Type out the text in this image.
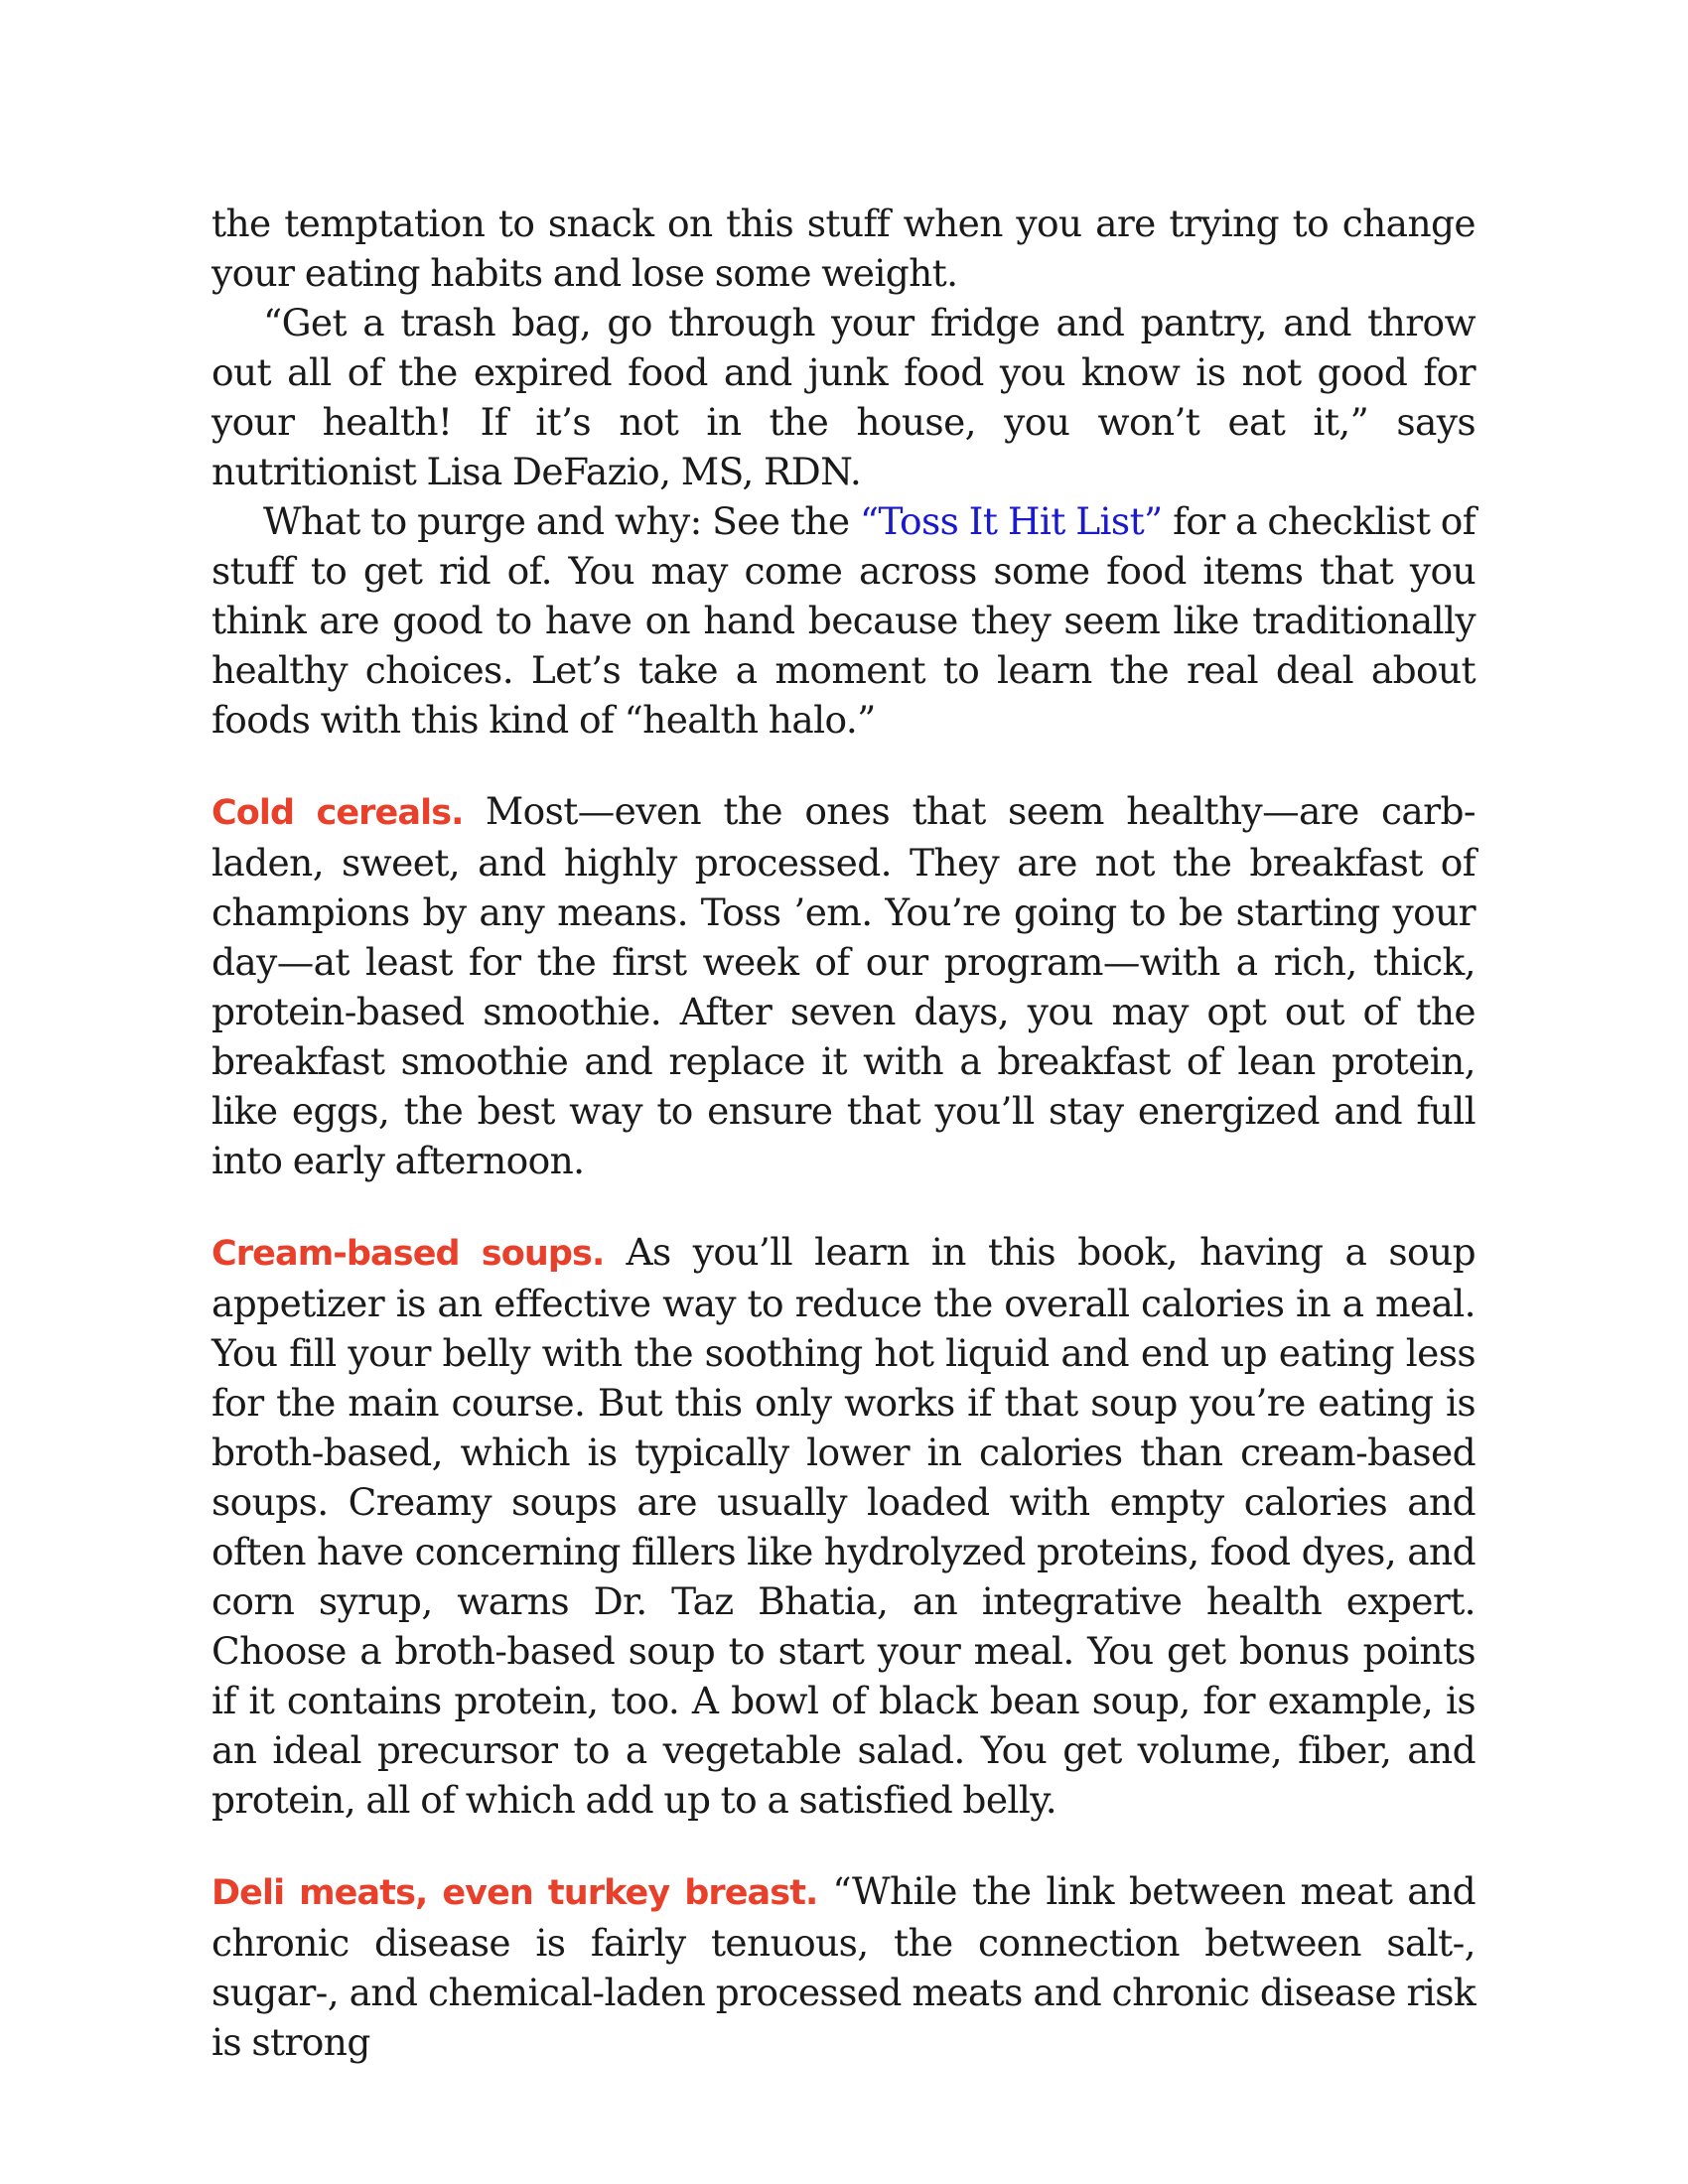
the temptation to snack on this stuff when you are trying to change your eating habits and lose some weight.

“Get a trash bag, go through your fridge and pantry, and throw out all of the expired food and junk food you know is not good for your health! If it’s not in the house, you won’t eat it,” says nutritionist Lisa DeFazio, MS, RDN.

What to purge and why: See the “Toss It Hit List” for a checklist of stuff to get rid of. You may come across some food items that you think are good to have on hand because they seem like traditionally healthy choices. Let’s take a moment to learn the real deal about foods with this kind of “health halo.”

Cold cereals. Most—even the ones that seem healthy—are carb-laden, sweet, and highly processed. They are not the breakfast of champions by any means. Toss ’em. You’re going to be starting your day—at least for the first week of our program—with a rich, thick, protein-based smoothie. After seven days, you may opt out of the breakfast smoothie and replace it with a breakfast of lean protein, like eggs, the best way to ensure that you’ll stay energized and full into early afternoon.

Cream-based soups. As you’ll learn in this book, having a soup appetizer is an effective way to reduce the overall calories in a meal. You fill your belly with the soothing hot liquid and end up eating less for the main course. But this only works if that soup you’re eating is broth-based, which is typically lower in calories than cream-based soups. Creamy soups are usually loaded with empty calories and often have concerning fillers like hydrolyzed proteins, food dyes, and corn syrup, warns Dr. Taz Bhatia, an integrative health expert. Choose a broth-based soup to start your meal. You get bonus points if it contains protein, too. A bowl of black bean soup, for example, is an ideal precursor to a vegetable salad. You get volume, fiber, and protein, all of which add up to a satisfied belly.

Deli meats, even turkey breast. “While the link between meat and chronic disease is fairly tenuous, the connection between salt-, sugar-, and chemical-laden processed meats and chronic disease risk is strong
